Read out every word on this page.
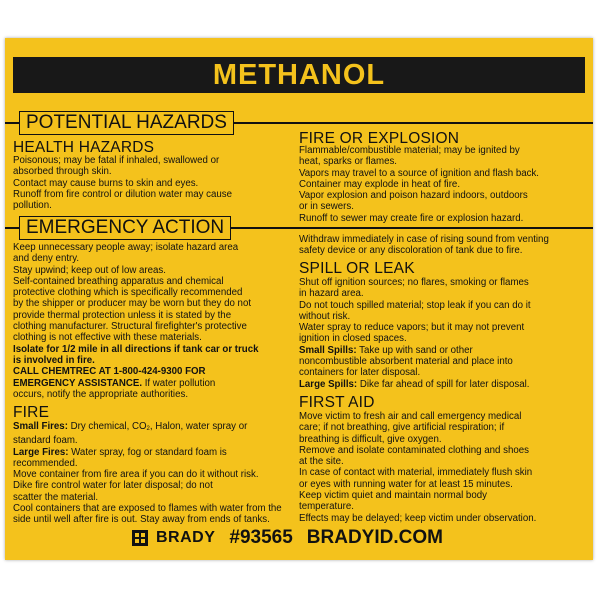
METHANOL
POTENTIAL HAZARDS
HEALTH HAZARDS

Poisonous; may be fatal if inhaled, swallowed or

absorbed through skin.

Contact may cause burns to skin and eyes.

Runoff from fire control or dilution water may cause

pollution.

FIRE OR EXPLOSION

Flammable/combustible material; may be ignited by

heat, sparks or flames.

Vapors may travel to a source of ignition and flash back.

Container may explode in heat of fire.

Vapor explosion and poison hazard indoors, outdoors

or in sewers.

Runoff to sewer may create fire or explosion hazard.

EMERGENCY ACTION

Keep unnecessary people away; isolate hazard area

and deny entry.

Stay upwind; keep out of low areas.

Self-contained breathing apparatus and chemical

protective clothing which is specifically recommended

by the shipper or producer may be worn but they do not

provide thermal protection unless it is stated by the

clothing manufacturer. Structural firefighter's protective

clothing is not effective with these materials.

Isolate for 1/2 mile in all directions if tank car or truck

is involved in fire.

CALL CHEMTREC AT 1-800-424-9300 FOR

EMERGENCY ASSISTANCE. If water pollution

occurs, notify the appropriate authorities.

FIRE

Small Fires: Dry chemical, $CO_2$, Halon, water spray or

standard foam.

Large Fires: Water spray, fog or standard foam is

recommended.

Move container from fire area if you can do it without risk.

Dike fire control water for later disposal; do not

scatter the material.

Cool containers that are exposed to flames with water from the

side until well after fire is out. Stay away from ends of tanks.

Withdraw immediately in case of rising sound from venting

safety device or any discoloration of tank due to fire.

SPILL OR LEAK

Shut off ignition sources; no flares, smoking or flames

in hazard area.

Do not touch spilled material; stop leak if you can do it

without risk.

Water spray to reduce vapors; but it may not prevent

ignition in closed spaces.

Small Spills: Take up with sand or other

noncombustible absorbent material and place into

containers for later disposal.

Large Spills: Dike far ahead of spill for later disposal.

FIRST AID

Move victim to fresh air and call emergency medical

care; if not breathing, give artificial respiration; if

breathing is difficult, give oxygen.

Remove and isolate contaminated clothing and shoes

at the site.

In case of contact with material, immediately flush skin

or eyes with running water for at least 15 minutes.

Keep victim quiet and maintain normal body

temperature.

Effects may be delayed; keep victim under observation.

BRADY #93565 BRADYID.COM
